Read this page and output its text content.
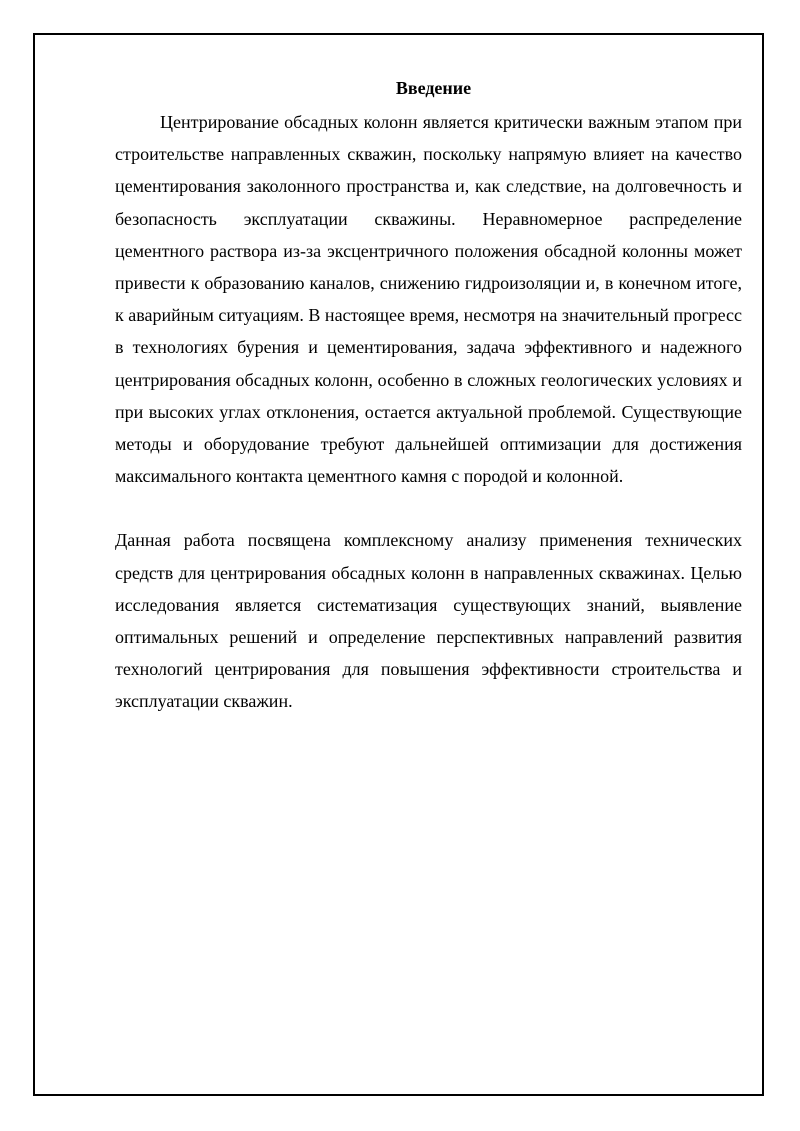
Введение

Центрирование обсадных колонн является критически важным этапом при строительстве направленных скважин, поскольку напрямую влияет на качество цементирования заколонного пространства и, как следствие, на долговечность и безопасность эксплуатации скважины. Неравномерное распределение цементного раствора из-за эксцентричного положения обсадной колонны может привести к образованию каналов, снижению гидроизоляции и, в конечном итоге, к аварийным ситуациям. В настоящее время, несмотря на значительный прогресс в технологиях бурения и цементирования, задача эффективного и надежного центрирования обсадных колонн, особенно в сложных геологических условиях и при высоких углах отклонения, остается актуальной проблемой. Существующие методы и оборудование требуют дальнейшей оптимизации для достижения максимального контакта цементного камня с породой и колонной.

Данная работа посвящена комплексному анализу применения технических средств для центрирования обсадных колонн в направленных скважинах. Целью исследования является систематизация существующих знаний, выявление оптимальных решений и определение перспективных направлений развития технологий центрирования для повышения эффективности строительства и эксплуатации скважин.
